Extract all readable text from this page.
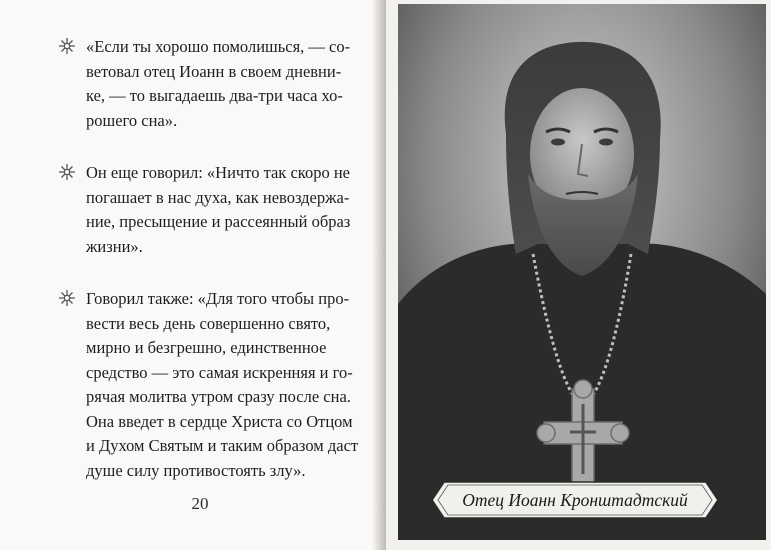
«Если ты хорошо помолишься, — со-
ветовал отец Иоанн в своем дневни-
ке, — то выгадаешь два-три часа хо-
рошего сна».
Он еще говорил: «Ничто так скоро не
погашает в нас духа, как невоздержа-
ние, пресыщение и рассеянный образ
жизни».
Говорил также: «Для того чтобы про-
вести весь день совершенно свято,
мирно и безгрешно, единственное
средство — это самая искренняя и го-
рячая молитва утром сразу после сна.
Она введет в сердце Христа со Отцом
и Духом Святым и таким образом даст
душе силу противостоять злу».
20	Отец Иоанн Кронштадтский
